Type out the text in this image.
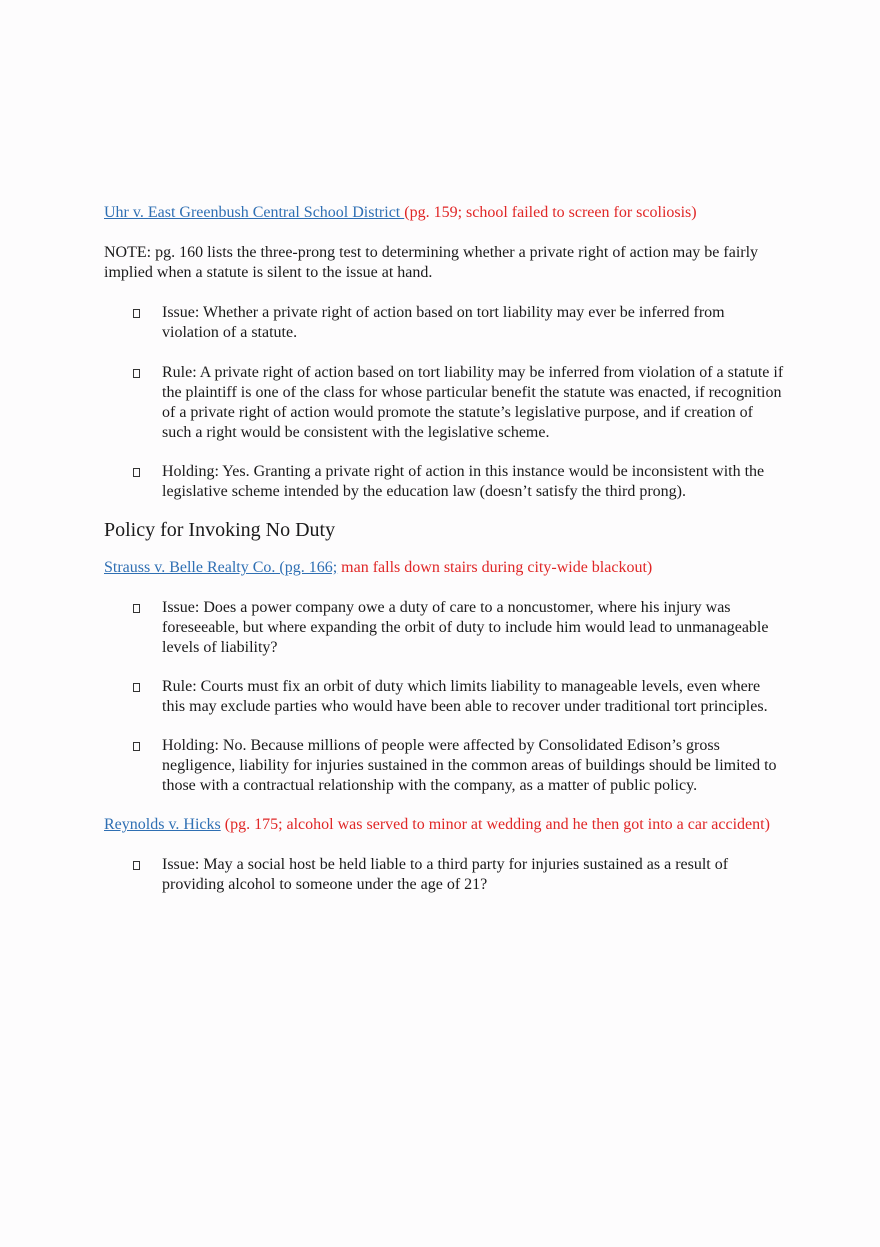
Uhr v. East Greenbush Central School District (pg. 159; school failed to screen for scoliosis)

NOTE: pg. 160 lists the three-prong test to determining whether a private right of action may be fairly implied when a statute is silent to the issue at hand.

Issue: Whether a private right of action based on tort liability may ever be inferred from violation of a statute.
Rule: A private right of action based on tort liability may be inferred from violation of a statute if the plaintiff is one of the class for whose particular benefit the statute was enacted, if recognition of a private right of action would promote the statute’s legislative purpose, and if creation of such a right would be consistent with the legislative scheme.
Holding: Yes. Granting a private right of action in this instance would be inconsistent with the legislative scheme intended by the education law (doesn’t satisfy the third prong).
Policy for Invoking No Duty

Strauss v. Belle Realty Co. (pg. 166; man falls down stairs during city-wide blackout)

Issue: Does a power company owe a duty of care to a noncustomer, where his injury was foreseeable, but where expanding the orbit of duty to include him would lead to unmanageable levels of liability?
Rule: Courts must fix an orbit of duty which limits liability to manageable levels, even where this may exclude parties who would have been able to recover under traditional tort principles.
Holding: No. Because millions of people were affected by Consolidated Edison’s gross negligence, liability for injuries sustained in the common areas of buildings should be limited to those with a contractual relationship with the company, as a matter of public policy.

Reynolds v. Hicks (pg. 175; alcohol was served to minor at wedding and he then got into a car accident)

Issue: May a social host be held liable to a third party for injuries sustained as a result of providing alcohol to someone under the age of 21?
